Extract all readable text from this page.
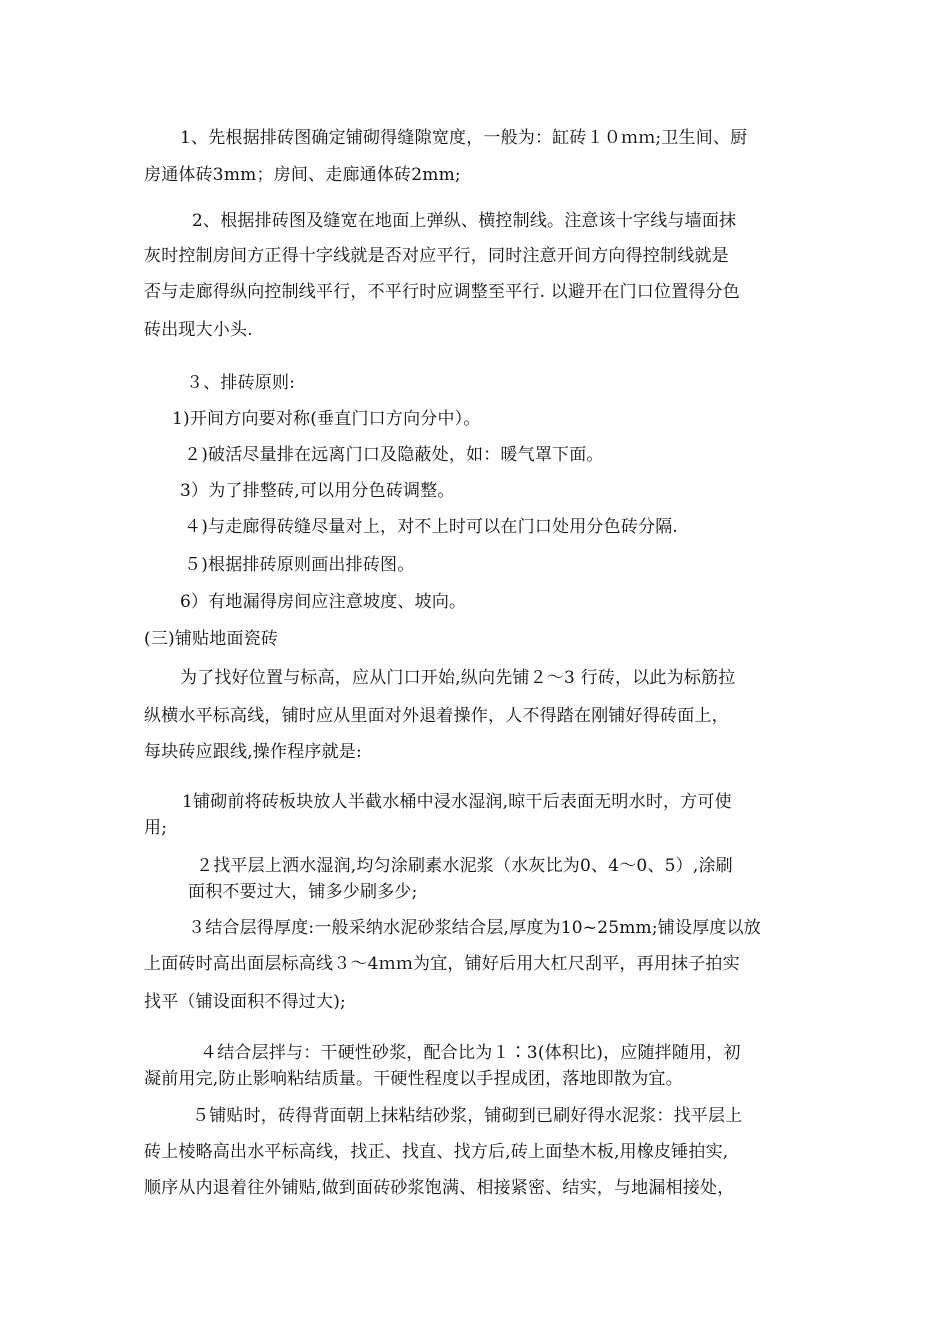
1、先根据排砖图确定铺砌得缝隙宽度，一般为：缸砖１０ｍｍ;卫生间、厨
房通体砖3mm；房间、走廊通体砖2mm;
2、根据排砖图及缝宽在地面上弹纵、横控制线。注意该十字线与墙面抹
灰时控制房间方正得十字线就是否对应平行，同时注意开间方向得控制线就是
否与走廊得纵向控制线平行，不平行时应调整至平行. 以避开在门口位置得分色
砖出现大小头.
３、排砖原则:
1)开间方向要对称(垂直门口方向分中）。
２)破活尽量排在远离门口及隐蔽处，如：暖气罩下面。
3）为了排整砖,可以用分色砖调整。
４)与走廊得砖缝尽量对上，对不上时可以在门口处用分色砖分隔.
５)根据排砖原则画出排砖图。
6）有地漏得房间应注意坡度、坡向。
(三)铺贴地面瓷砖
为了找好位置与标高，应从门口开始,纵向先铺２～3 行砖，以此为标筋拉
纵横水平标高线，铺时应从里面对外退着操作，人不得踏在刚铺好得砖面上，
每块砖应跟线,操作程序就是:
1铺砌前将砖板块放人半截水桶中浸水湿润,晾干后表面无明水时，方可使
用;
２找平层上洒水湿润,均匀涂刷素水泥浆（水灰比为0、4～0、5）,涂刷
面积不要过大，铺多少刷多少;
３结合层得厚度:一般采纳水泥砂浆结合层,厚度为10~25mm;铺设厚度以放
上面砖时高出面层标高线３～4ｍｍ为宜，铺好后用大杠尺刮平，再用抹子拍实
找平（铺设面积不得过大);
４结合层拌与：干硬性砂浆，配合比为１∶3(体积比)，应随拌随用，初
凝前用完,防止影响粘结质量。干硬性程度以手捏成团，落地即散为宜。
５铺贴时，砖得背面朝上抹粘结砂浆，铺砌到已刷好得水泥浆：找平层上
砖上棱略高出水平标高线，找正、找直、找方后,砖上面垫木板,用橡皮锤拍实,
顺序从内退着往外铺贴,做到面砖砂浆饱满、相接紧密、结实，与地漏相接处，
